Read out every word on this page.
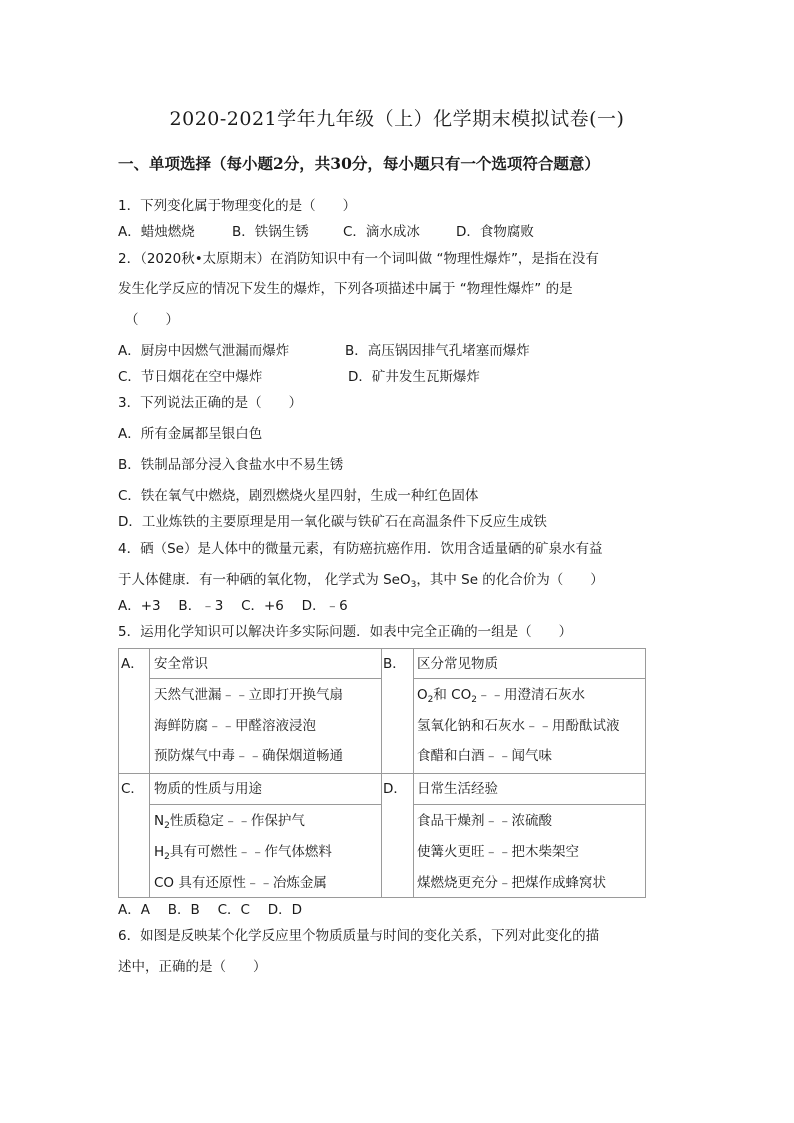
2020-2021学年九年级（上）化学期末模拟试卷(一)
一、单项选择（每小题2分，共30分，每小题只有一个选项符合题意）
1．下列变化属于物理变化的是（　　）
A．蜡烛燃烧	B．铁锅生锈	C．滴水成冰	D．食物腐败
2．（2020秋•太原期末）在消防知识中有一个词叫做 “物理性爆炸”，是指在没有
发生化学反应的情况下发生的爆炸，下列各项描述中属于 “物理性爆炸” 的是
（　　）
A．厨房中因燃气泄漏而爆炸	B．高压锅因排气孔堵塞而爆炸
C．节日烟花在空中爆炸	D．矿井发生瓦斯爆炸
3．下列说法正确的是（　　）
A．所有金属都呈银白色
B．铁制品部分浸入食盐水中不易生锈
C．铁在氧气中燃烧，剧烈燃烧火星四射，生成一种红色固体
D．工业炼铁的主要原理是用一氧化碳与铁矿石在高温条件下反应生成铁
4．硒（Se）是人体中的微量元素，有防癌抗癌作用．饮用含适量硒的矿泉水有益
于人体健康．有一种硒的氧化物， 化学式为 SeO$_3$，其中 Se 的化合价为（　　）
A．+3　 B．﹣3　 C．+6　 D．﹣6
5．运用化学知识可以解决许多实际问题．如表中完全正确的一组是（　　）
A． 安全常识
天然气泄漏﹣﹣立即打开换气扇
海鲜防腐﹣﹣甲醛溶液浸泡
预防煤气中毒﹣﹣确保烟道畅通
B． 区分常见物质
$O_2$和 $CO_2﹣﹣$用澄清石灰水
氢氧化钠和石灰水﹣﹣用酚酞试液
食醋和白酒﹣﹣闻气味
C． 物质的性质与用途
$N_2$性质稳定﹣﹣作保护气
$H_2$具有可燃性﹣﹣作气体燃料
CO 具有还原性﹣﹣冶炼金属
D． 日常生活经验
食品干燥剂﹣﹣浓硫酸
使篝火更旺﹣﹣把木柴架空
煤燃烧更充分﹣把煤作成蜂窝状
A．A　 B．B　 C．C　 D．D
6．如图是反映某个化学反应里个物质质量与时间的变化关系，下列对此变化的描
述中，正确的是（　　）
